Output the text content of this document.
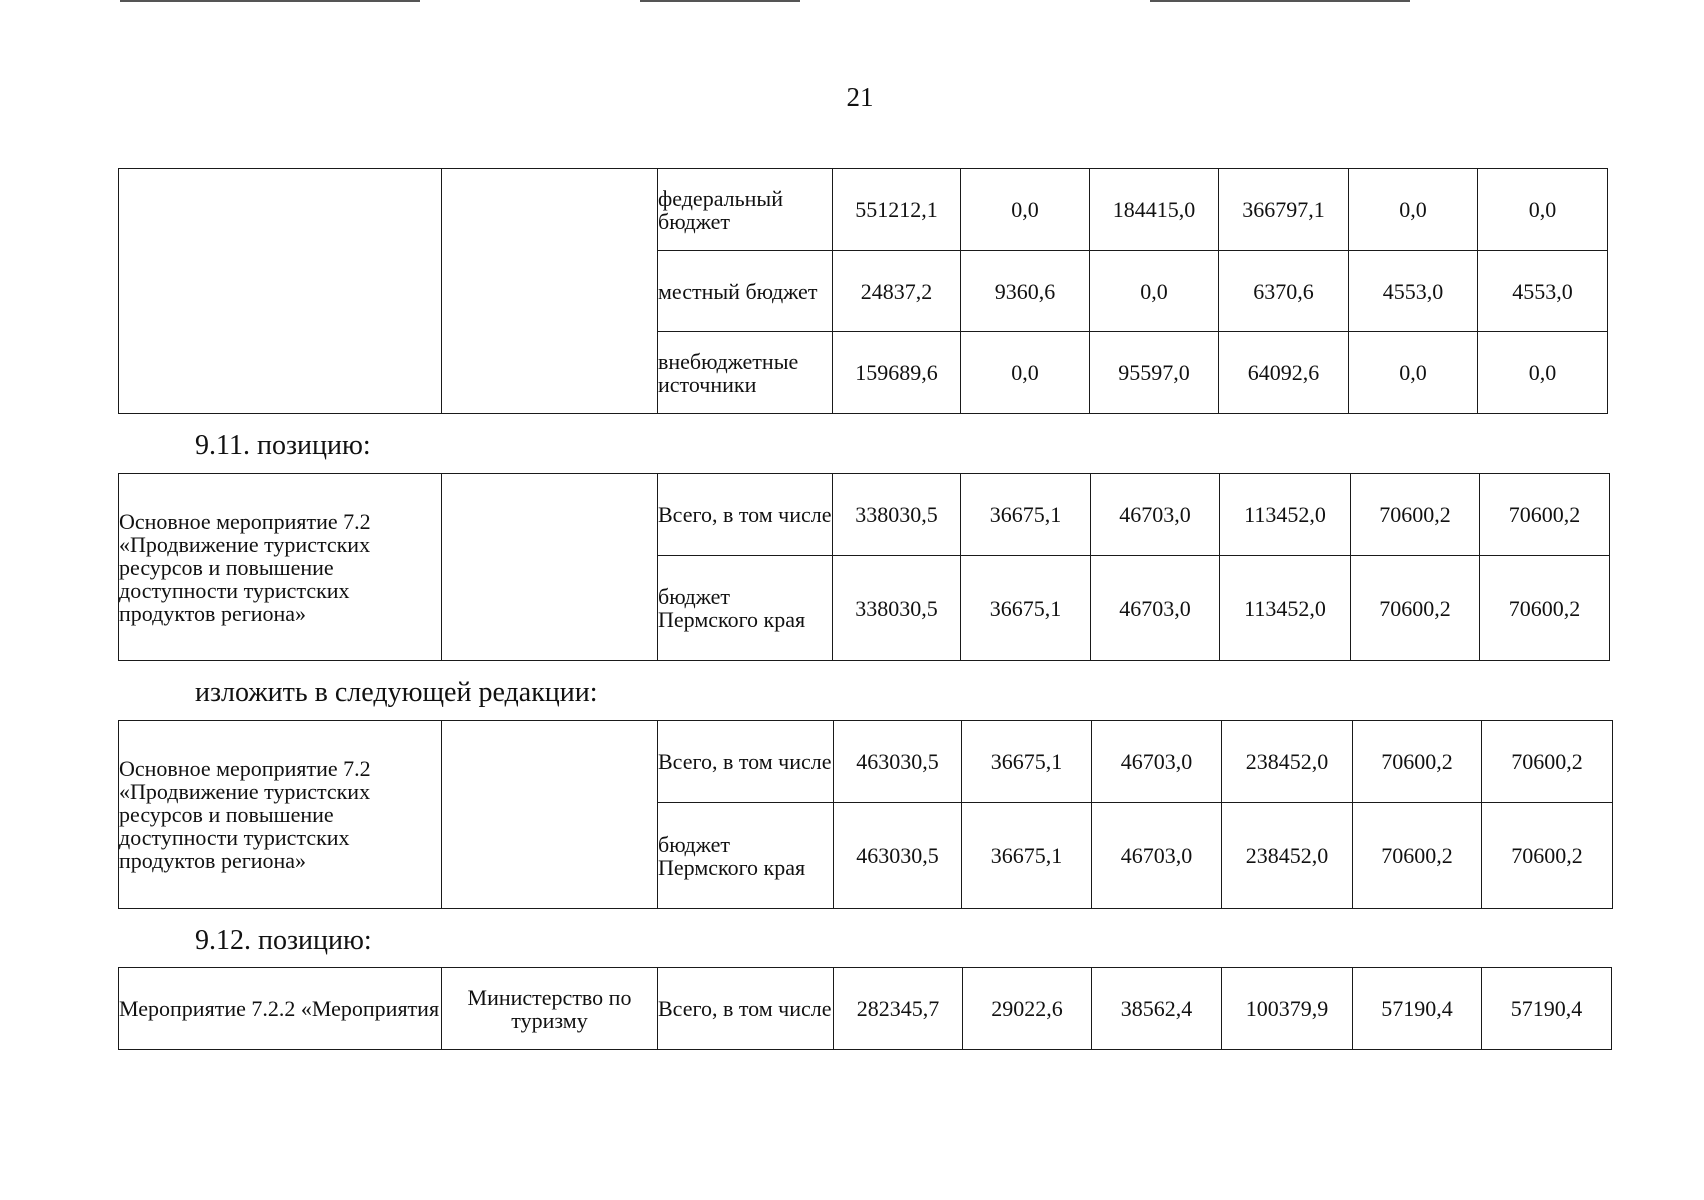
21
		федеральный бюджет	551212,1	0,0	184415,0	366797,1	0,0	0,0
		местный бюджет	24837,2	9360,6	0,0	6370,6	4553,0	4553,0
		внебюджетные источники	159689,6	0,0	95597,0	64092,6	0,0	0,0
9.11. позицию:
Основное мероприятие 7.2 «Продвижение туристских ресурсов и повышение доступности туристских продуктов региона»		Всего, в том числе	338030,5	36675,1	46703,0	113452,0	70600,2	70600,2
		бюджет Пермского края	338030,5	36675,1	46703,0	113452,0	70600,2	70600,2
изложить в следующей редакции:
Основное мероприятие 7.2 «Продвижение туристских ресурсов и повышение доступности туристских продуктов региона»		Всего, в том числе	463030,5	36675,1	46703,0	238452,0	70600,2	70600,2
		бюджет Пермского края	463030,5	36675,1	46703,0	238452,0	70600,2	70600,2
9.12. позицию:
Мероприятие 7.2.2 «Мероприятия	Министерство по туризму	Всего, в том числе	282345,7	29022,6	38562,4	100379,9	57190,4	57190,4
